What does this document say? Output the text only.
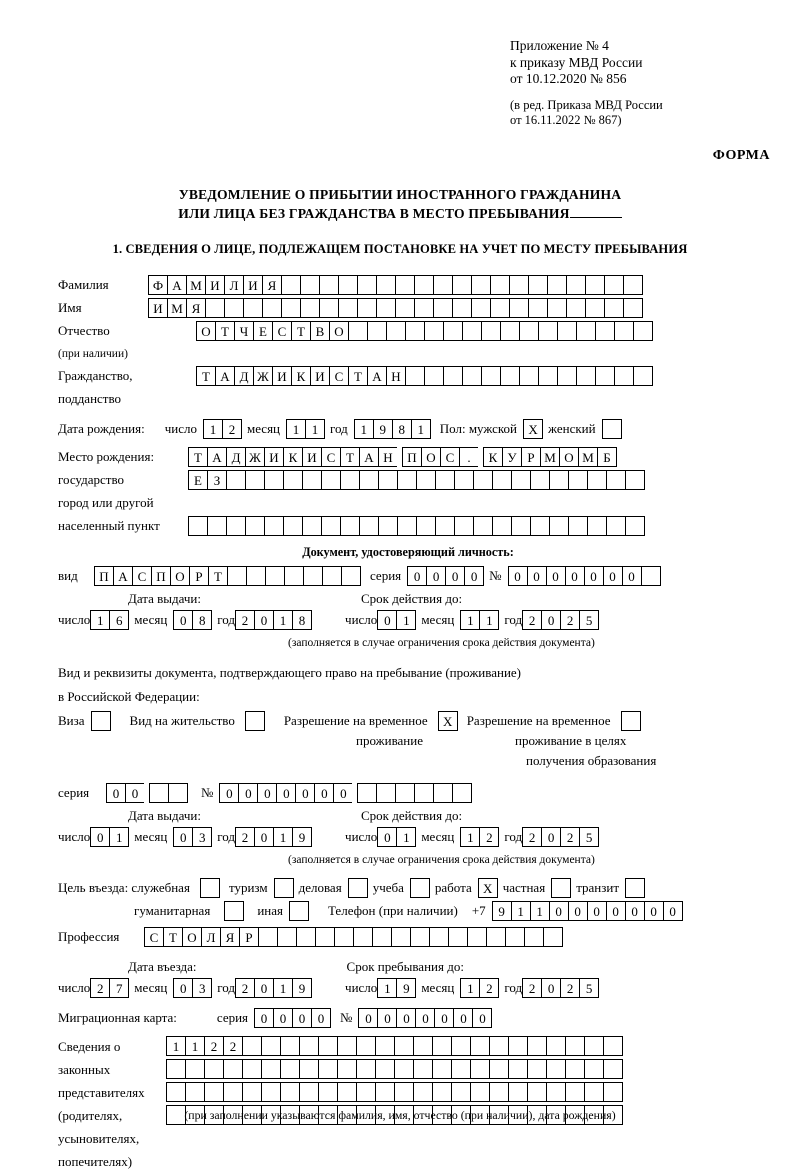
Приложение № 4
к приказу МВД России
от 10.12.2020 № 856
(в ред. Приказа МВД России
от 16.11.2022 № 867)
ФОРМА
УВЕДОМЛЕНИЕ О ПРИБЫТИИ ИНОСТРАННОГО ГРАЖДАНИНА
ИЛИ ЛИЦА БЕЗ ГРАЖДАНСТВА В МЕСТО ПРЕБЫВАНИЯ
1. СВЕДЕНИЯ О ЛИЦЕ, ПОДЛЕЖАЩЕМ ПОСТАНОВКЕ НА УЧЕТ ПО МЕСТУ ПРЕБЫВАНИЯ
Фамилия	Ф А М И Л И Я
Имя	И М Я
Отчество	О Т Ч Е С Т В О
(при наличии)
Гражданство,	Т А Д Ж И К И С Т А Н
подданство
Дата рождения: число 1 2 месяц 1 1 год 1 9 8 1	Пол: мужской X женский
Место рождения:	Т А Д Ж И К И С Т А Н	П О С	.	К У Р М О М Б
государство	Е З
город или другой
населенный пункт
Документ, удостоверяющий личность:
вид	П А С П О Р Т	серия 0 0 0 0 № 0 0 0 0 0 0 0
Дата выдачи:	Срок действия до:
число 1 6 месяц 0 8 год 2 0 1 8	число 0 1 месяц 1 1 год 2 0 2 5
(заполняется в случае ограничения срока действия документа)
Вид и реквизиты документа, подтверждающего право на пребывание (проживание)
в Российской Федерации:
Виза	Вид на жительство	Разрешение на временное	X	Разрешение на временное
проживание	проживание в целях
получения образования
серия	0 0	№ 0 0 0 0 0 0 0
Дата выдачи:	Срок действия до:
число 0 1 месяц 0 3 год 2 0 1 9	число 0 1 месяц 1 2 год 2 0 2 5
(заполняется в случае ограничения срока действия документа)
Цель въезда: служебная	туризм деловая учеба работа X частная транзит
гуманитарная	иная	Телефон (при наличии) +7 9 1 1 0 0 0 0 0 0 0
Профессия	С Т О Л Я Р
Дата въезда:	Срок пребывания до:
число 2 7 месяц 0 3 год 2 0 1 9	число 1 9 месяц 1 2 год 2 0 2 5
Миграционная карта:	серия 0 0 0 0	№ 0 0 0 0 0 0 0
Сведения о	1 1 2 2
законных
представителях
(родителях,
усыновителях,
попечителях)
(при заполнении указываются фамилия, имя, отчество (при наличии), дата рождения)
